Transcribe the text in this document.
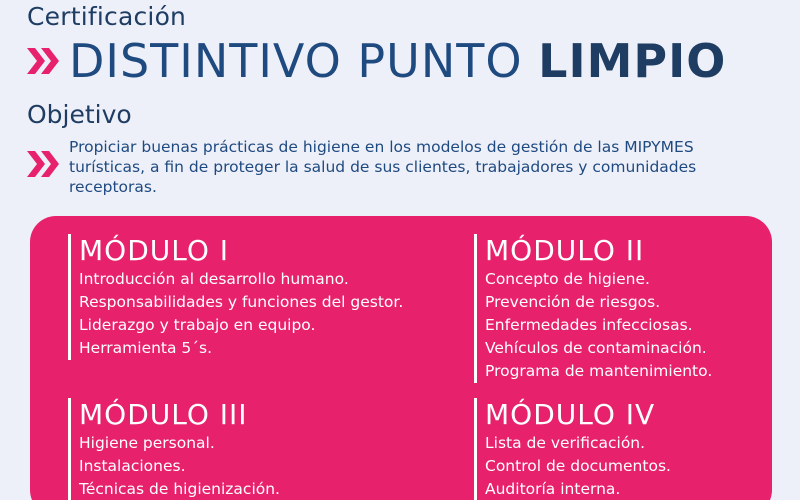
Certificación
DISTINTIVO PUNTO LIMPIO
Objetivo
Propiciar buenas prácticas de higiene en los modelos de gestión de las MIPYMES turísticas, a fin de proteger la salud de sus clientes, trabajadores y comunidades receptoras.
MÓDULO I
Introducción al desarrollo humano.
Responsabilidades y funciones del gestor.
Liderazgo y trabajo en equipo.
Herramienta 5´s.
MÓDULO II
Concepto de higiene.
Prevención de riesgos.
Enfermedades infecciosas.
Vehículos de contaminación.
Programa de mantenimiento.
MÓDULO III
Higiene personal.
Instalaciones.
Técnicas de higienización.
MÓDULO IV
Lista de verificación.
Control de documentos.
Auditoría interna.
